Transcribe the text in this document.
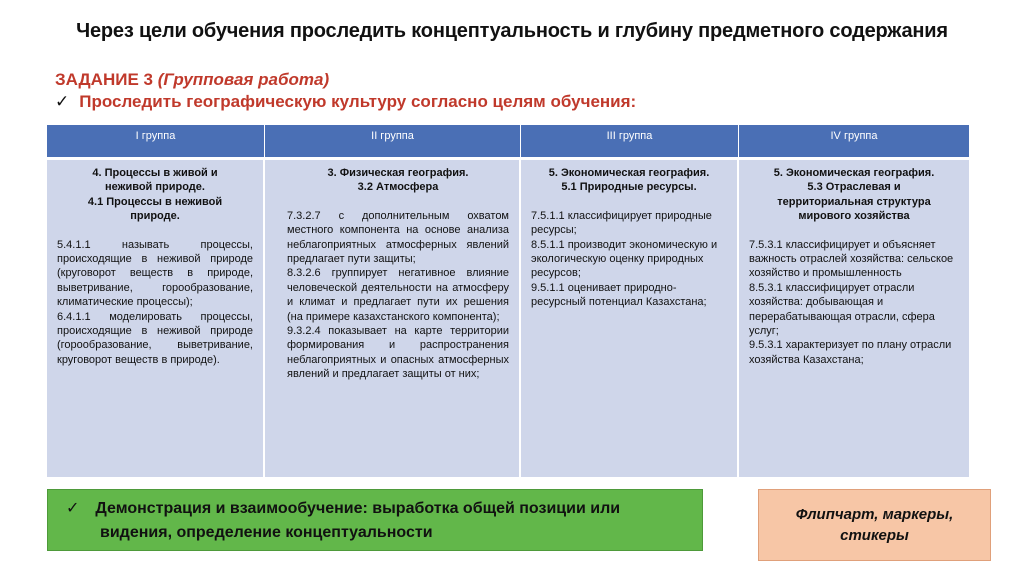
Через цели обучения проследить концептуальность и глубину предметного содержания
ЗАДАНИЕ 3 (Групповая работа)
✓ Проследить географическую культуру согласно целям обучения:
I группа
4. Процессы в живой и
неживой природе.
4.1 Процессы в неживой
природе.
5.4.1.1 называть процессы, происходящие в неживой природе (круговорот веществ в природе, выветривание, горообразование, климатические процессы);
6.4.1.1 моделировать процессы, происходящие в неживой природе (горообразование, выветривание, круговорот веществ в природе).
II группа
3. Физическая география.
3.2 Атмосфера
7.3.2.7 с дополнительным охватом местного компонента на основе анализа неблагоприятных атмосферных явлений предлагает пути защиты;
8.3.2.6 группирует негативное влияние человеческой деятельности на атмосферу и климат и предлагает пути их решения (на примере казахстанского компонента);
9.3.2.4 показывает на карте территории формирования и распространения неблагоприятных и опасных атмосферных явлений и предлагает защиты от них;
III группа
5. Экономическая география.
5.1 Природные ресурсы.
7.5.1.1 классифицирует природные ресурсы;
8.5.1.1 производит экономическую и экологическую оценку природных ресурсов;
9.5.1.1 оценивает природно-ресурсный потенциал Казахстана;
IV группа
5. Экономическая география.
5.3 Отраслевая и
территориальная структура
мирового хозяйства
7.5.3.1 классифицирует и объясняет важность отраслей хозяйства: сельское хозяйство и промышленность
8.5.3.1 классифицирует отрасли хозяйства: добывающая и перерабатывающая отрасли, сфера услуг;
9.5.3.1 характеризует по плану отрасли хозяйства Казахстана;
✓ Демонстрация и взаимообучение: выработка общей позиции или
видения, определение концептуальности
Флипчарт, маркеры,
стикеры
